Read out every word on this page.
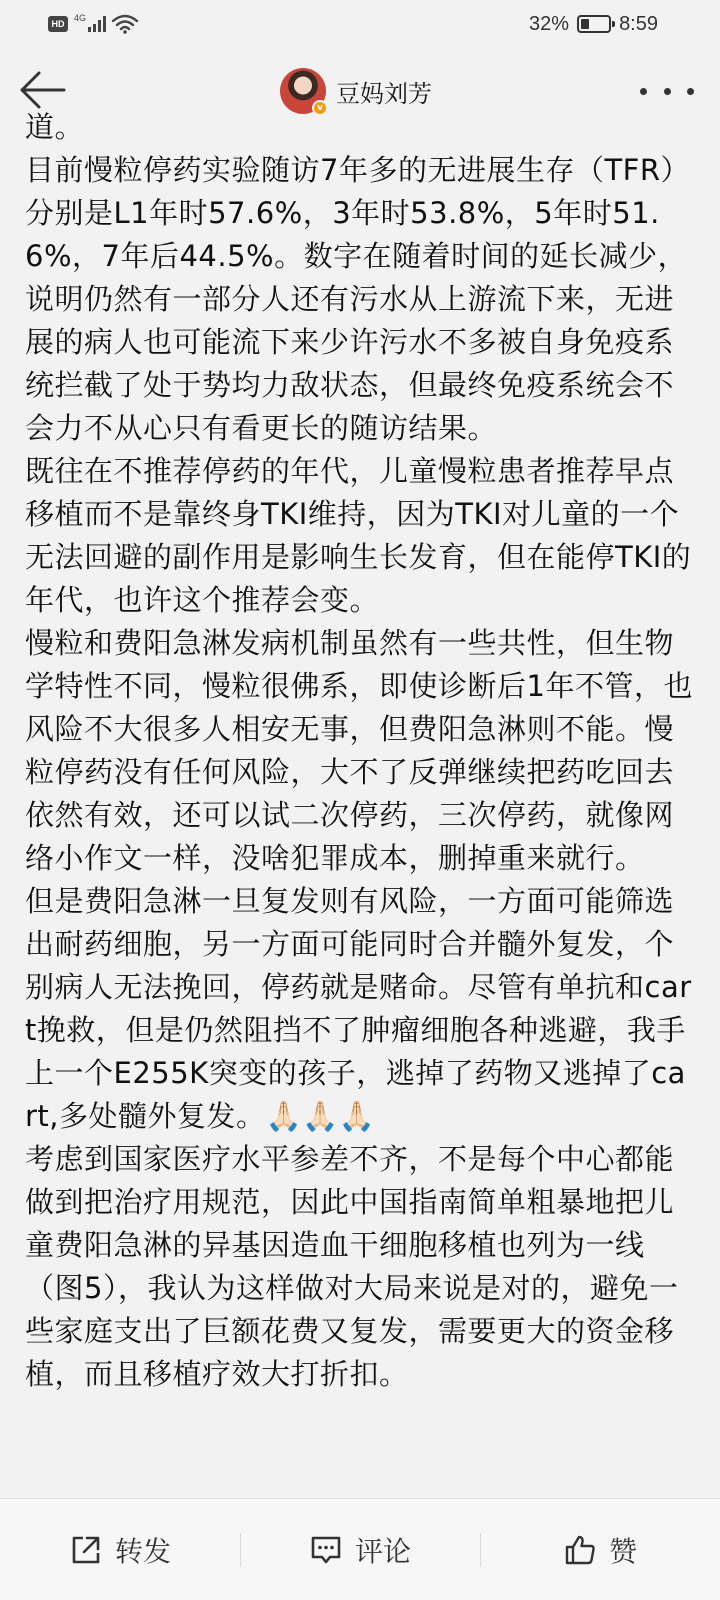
HD
4G	32%	8:59
v 豆妈刘芳

道。

目前慢粒停药实验随访7年多的无进展生存（TFR）分别是L1年时57.6%，3年时53.8%，5年时51.6%，7年后44.5%。数字在随着时间的延长减少，说明仍然有一部分人还有污水从上游流下来，无进展的病人也可能流下来少许污水不多被自身免疫系统拦截了处于势均力敌状态，但最终免疫系统会不会力不从心只有看更长的随访结果。

既往在不推荐停药的年代，儿童慢粒患者推荐早点移植而不是靠终身TKI维持，因为TKI对儿童的一个无法回避的副作用是影响生长发育，但在能停TKI的年代，也许这个推荐会变。

慢粒和费阳急淋发病机制虽然有一些共性，但生物学特性不同，慢粒很佛系，即使诊断后1年不管，也风险不大很多人相安无事，但费阳急淋则不能。慢粒停药没有任何风险，大不了反弹继续把药吃回去依然有效，还可以试二次停药，三次停药，就像网络小作文一样，没啥犯罪成本，删掉重来就行。

但是费阳急淋一旦复发则有风险，一方面可能筛选出耐药细胞，另一方面可能同时合并髓外复发，个别病人无法挽回，停药就是赌命。尽管有单抗和cart挽救，但是仍然阻挡不了肿瘤细胞各种逃避，我手上一个E255K突变的孩子，逃掉了药物又逃掉了cart,多处髓外复发。🙏🏻🙏🏻🙏🏻

考虑到国家医疗水平参差不齐，不是每个中心都能做到把治疗用规范，因此中国指南简单粗暴地把儿童费阳急淋的异基因造血干细胞移植也列为一线（图5），我认为这样做对大局来说是对的，避免一些家庭支出了巨额花费又复发，需要更大的资金移植，而且移植疗效大打折扣。

转发	评论	赞
